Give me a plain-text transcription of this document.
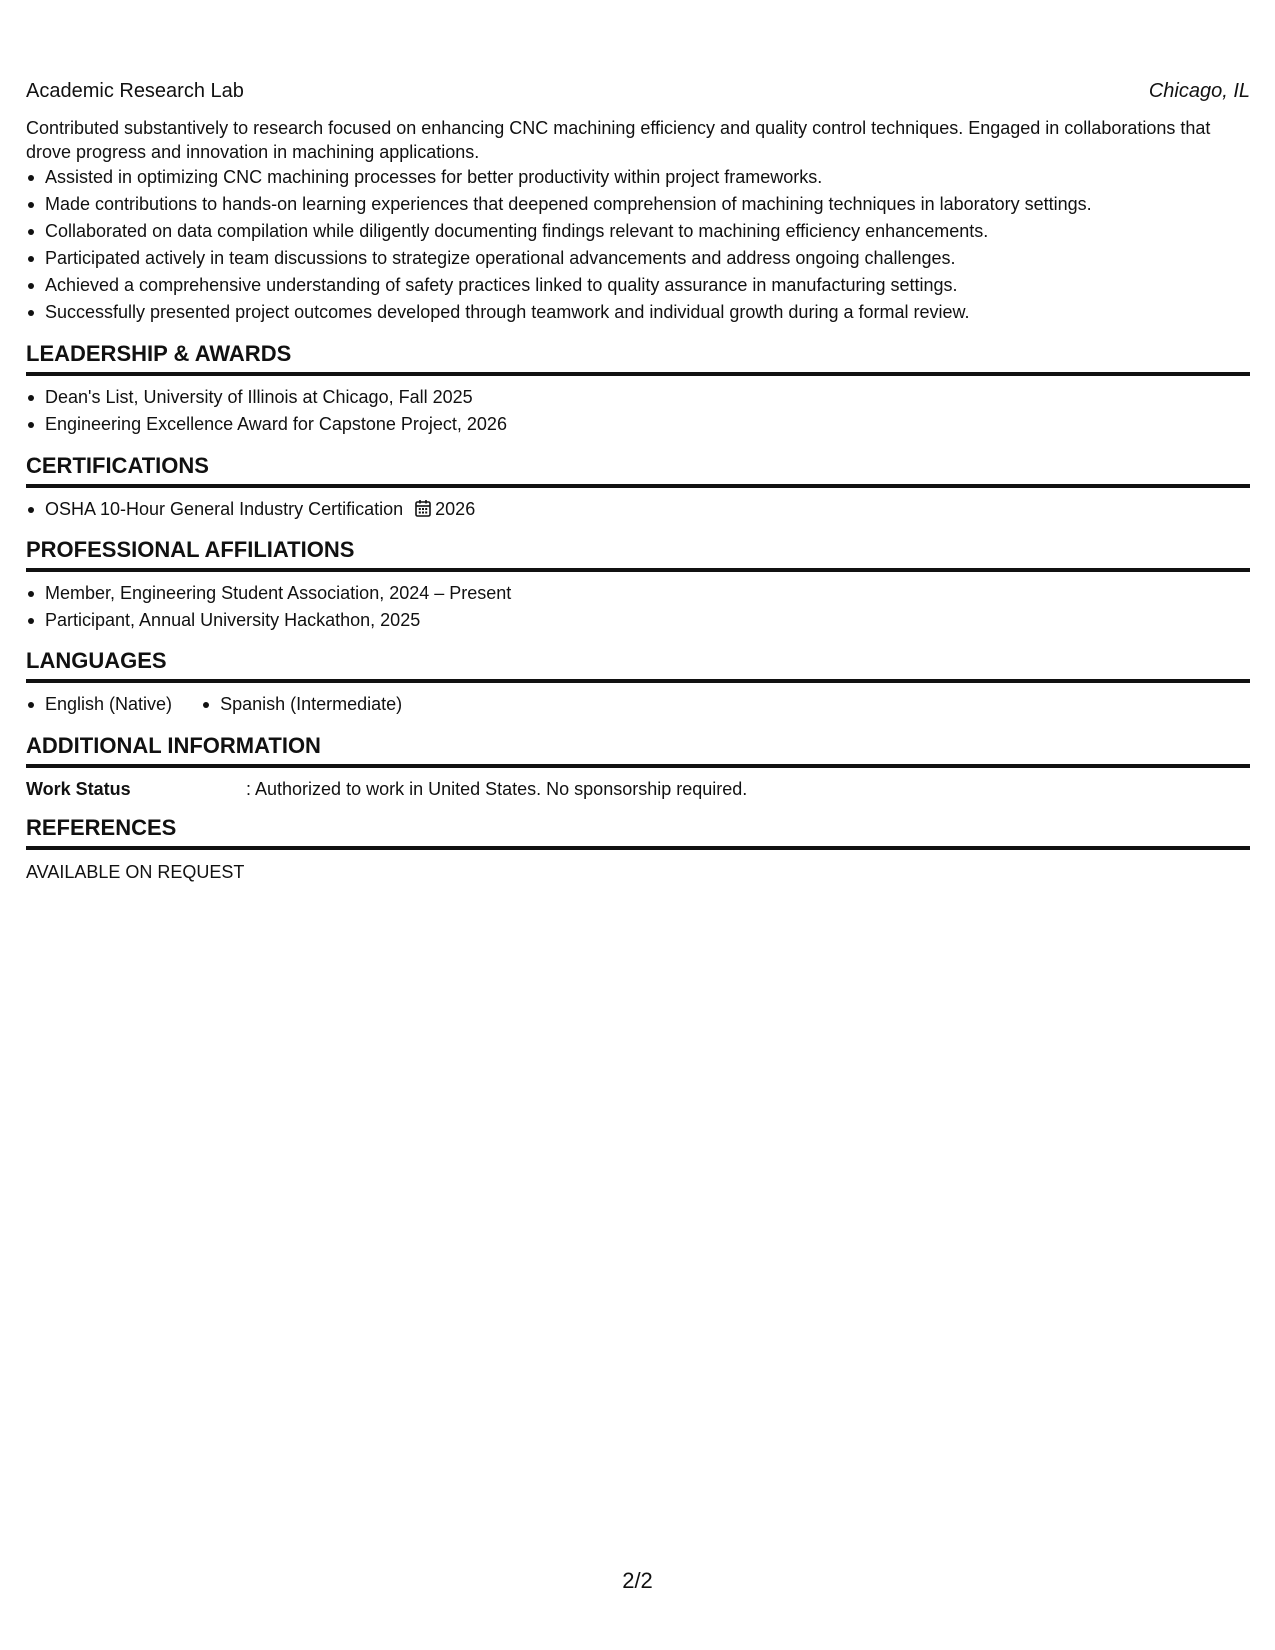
Academic Research Lab	Chicago, IL

Contributed substantively to research focused on enhancing CNC machining efficiency and quality control techniques. Engaged in collaborations that drove progress and innovation in machining applications.

Assisted in optimizing CNC machining processes for better productivity within project frameworks.
Made contributions to hands-on learning experiences that deepened comprehension of machining techniques in laboratory settings.
Collaborated on data compilation while diligently documenting findings relevant to machining efficiency enhancements.
Participated actively in team discussions to strategize operational advancements and address ongoing challenges.
Achieved a comprehensive understanding of safety practices linked to quality assurance in manufacturing settings.
Successfully presented project outcomes developed through teamwork and individual growth during a formal review.
LEADERSHIP & AWARDS
Dean's List, University of Illinois at Chicago, Fall 2025
Engineering Excellence Award for Capstone Project, 2026
CERTIFICATIONS
OSHA 10-Hour General Industry Certification 2026
PROFESSIONAL AFFILIATIONS
Member, Engineering Student Association, 2024 – Present
Participant, Annual University Hackathon, 2025
LANGUAGES
English (Native)	Spanish (Intermediate)
ADDITIONAL INFORMATION
Work Status	: Authorized to work in United States. No sponsorship required.
REFERENCES
AVAILABLE ON REQUEST
2/2
